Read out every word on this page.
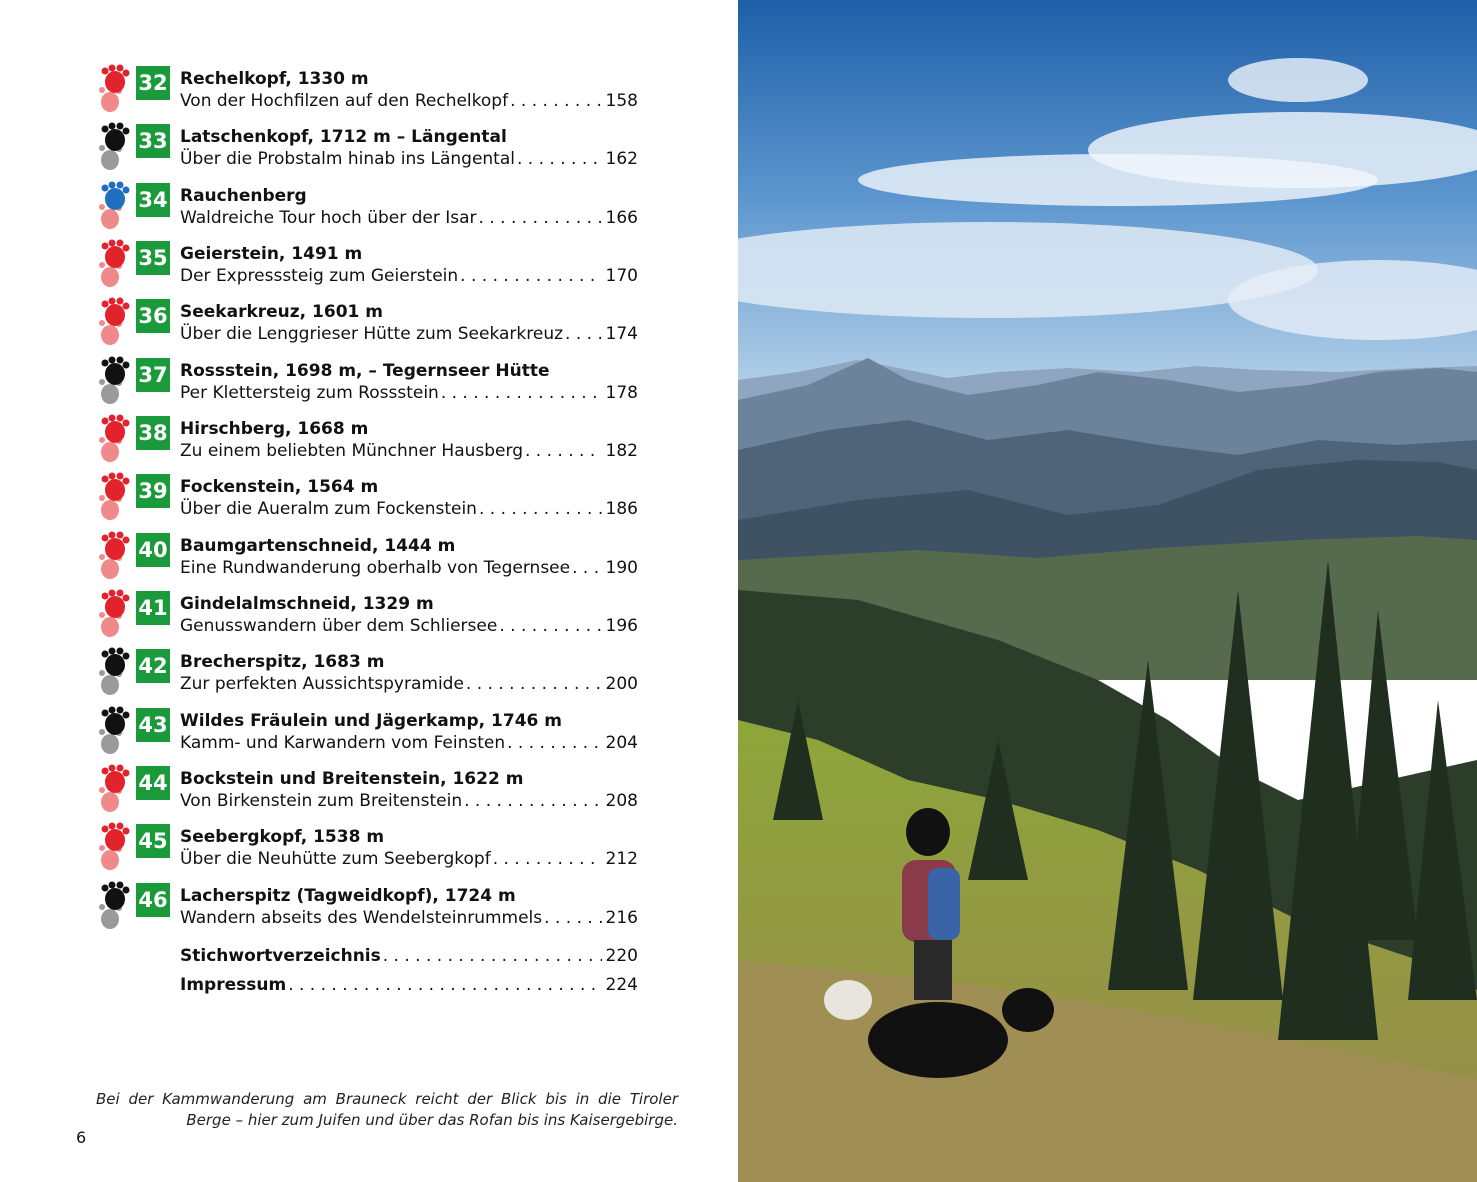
32 Rechelkopf, 1330 m
Von der Hochfilzen auf den Rechelkopf . . .	158
33 Latschenkopf, 1712 m – Längental
Über die Probstalm hinab ins Längental . . .	162
34 Rauchenberg
Waldreiche Tour hoch über der Isar . . .	166
35 Geierstein, 1491 m
Der Expresssteig zum Geierstein . . .	170
36 Seekarkreuz, 1601 m
Über die Lenggrieser Hütte zum Seekarkreuz . . .	174
37 Rossstein, 1698 m, – Tegernseer Hütte
Per Klettersteig zum Rossstein . . .	178
38 Hirschberg, 1668 m
Zu einem beliebten Münchner Hausberg . . .	182
39 Fockenstein, 1564 m
Über die Aueralm zum Fockenstein . . .	186
40 Baumgartenschneid, 1444 m
Eine Rundwanderung oberhalb von Tegernsee . . . 190
41 Gindelalmschneid, 1329 m
Genusswandern über dem Schliersee . . .	196
42 Brecherspitz, 1683 m
Zur perfekten Aussichtspyramide . . .	200
43 Wildes Fräulein und Jägerkamp, 1746 m
Kamm- und Karwandern vom Feinsten . . .	204
44 Bockstein und Breitenstein, 1622 m
Von Birkenstein zum Breitenstein . . .	208
45 Seebergkopf, 1538 m
Über die Neuhütte zum Seebergkopf . . .	212
46 Lacherspitz (Tagweidkopf), 1724 m
Wandern abseits des Wendelsteinrummels . . .	216
Stichwortverzeichnis . . .	220
Impressum . . .	224

Bei der Kammwanderung am Brauneck reicht der Blick bis in die Tiroler Berge – hier zum Juifen und über das Rofan bis ins Kaisergebirge.

6
